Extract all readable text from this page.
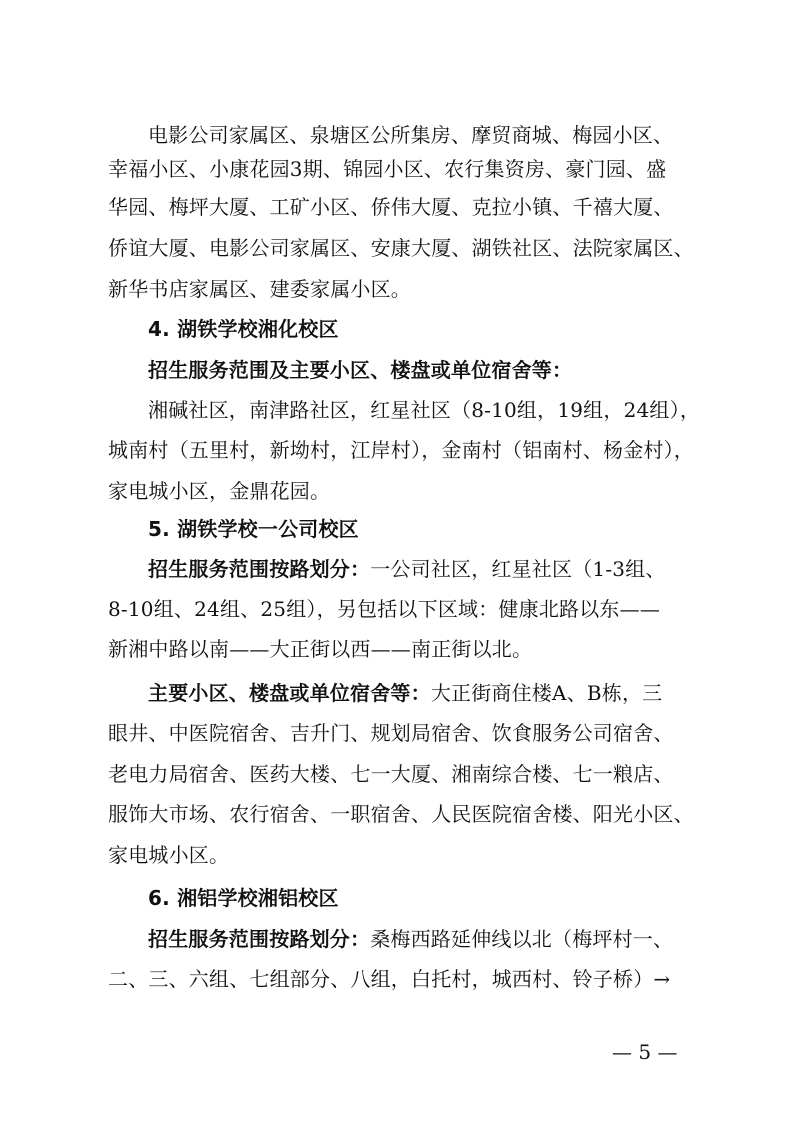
电影公司家属区、泉塘区公所集房、摩贸商城、梅园小区、
幸福小区、小康花园3期、锦园小区、农行集资房、豪门园、盛
华园、梅坪大厦、工矿小区、侨伟大厦、克拉小镇、千禧大厦、
侨谊大厦、电影公司家属区、安康大厦、湖铁社区、法院家属区、
新华书店家属区、建委家属小区。
4. 湖铁学校湘化校区
招生服务范围及主要小区、楼盘或单位宿舍等：
湘碱社区，南津路社区，红星社区（8-10组，19组，24组），
城南村（五里村，新坳村，江岸村），金南村（铝南村、杨金村），
家电城小区，金鼎花园。
5. 湖铁学校一公司校区
招生服务范围按路划分：一公司社区，红星社区（1-3组、
8-10组、24组、25组），另包括以下区域：健康北路以东——
新湘中路以南——大正街以西——南正街以北。
主要小区、楼盘或单位宿舍等：大正街商住楼A、B栋，三
眼井、中医院宿舍、吉升门、规划局宿舍、饮食服务公司宿舍、
老电力局宿舍、医药大楼、七一大厦、湘南综合楼、七一粮店、
服饰大市场、农行宿舍、一职宿舍、人民医院宿舍楼、阳光小区、
家电城小区。
6. 湘铝学校湘铝校区
招生服务范围按路划分：桑梅西路延伸线以北（梅坪村一、
二、三、六组、七组部分、八组，白托村，城西村、铃子桥）→
— 5 —
